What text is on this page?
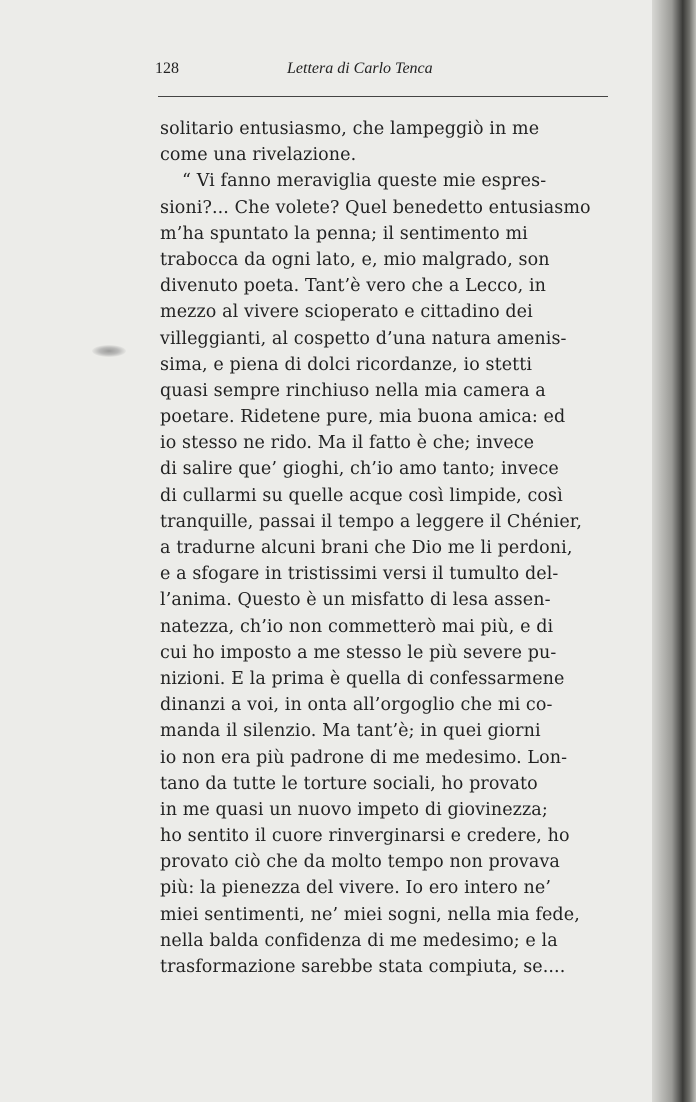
128	Lettera di Carlo Tenca
solitario entusiasmo, che lampeggiò in me
come una rivelazione.
“ Vi fanno meraviglia queste mie espres-
sioni?... Che volete? Quel benedetto entusiasmo
m’ha spuntato la penna; il sentimento mi
trabocca da ogni lato, e, mio malgrado, son
divenuto poeta. Tant’è vero che a Lecco, in
mezzo al vivere scioperato e cittadino dei
villeggianti, al cospetto d’una natura amenis-
sima, e piena di dolci ricordanze, io stetti
quasi sempre rinchiuso nella mia camera a
poetare. Ridetene pure, mia buona amica: ed
io stesso ne rido. Ma il fatto è che; invece
di salire que’ gioghi, ch’io amo tanto; invece
di cullarmi su quelle acque così limpide, così
tranquille, passai il tempo a leggere il Chénier,
a tradurne alcuni brani che Dio me li perdoni,
e a sfogare in tristissimi versi il tumulto del-
l’anima. Questo è un misfatto di lesa assen-
natezza, ch’io non commetterò mai più, e di
cui ho imposto a me stesso le più severe pu-
nizioni. E la prima è quella di confessarmene
dinanzi a voi, in onta all’orgoglio che mi co-
manda il silenzio. Ma tant’è; in quei giorni
io non era più padrone di me medesimo. Lon-
tano da tutte le torture sociali, ho provato
in me quasi un nuovo impeto di giovinezza;
ho sentito il cuore rinverginarsi e credere, ho
provato ciò che da molto tempo non provava
più: la pienezza del vivere. Io ero intero ne’
miei sentimenti, ne’ miei sogni, nella mia fede,
nella balda confidenza di me medesimo; e la
trasformazione sarebbe stata compiuta, se....
